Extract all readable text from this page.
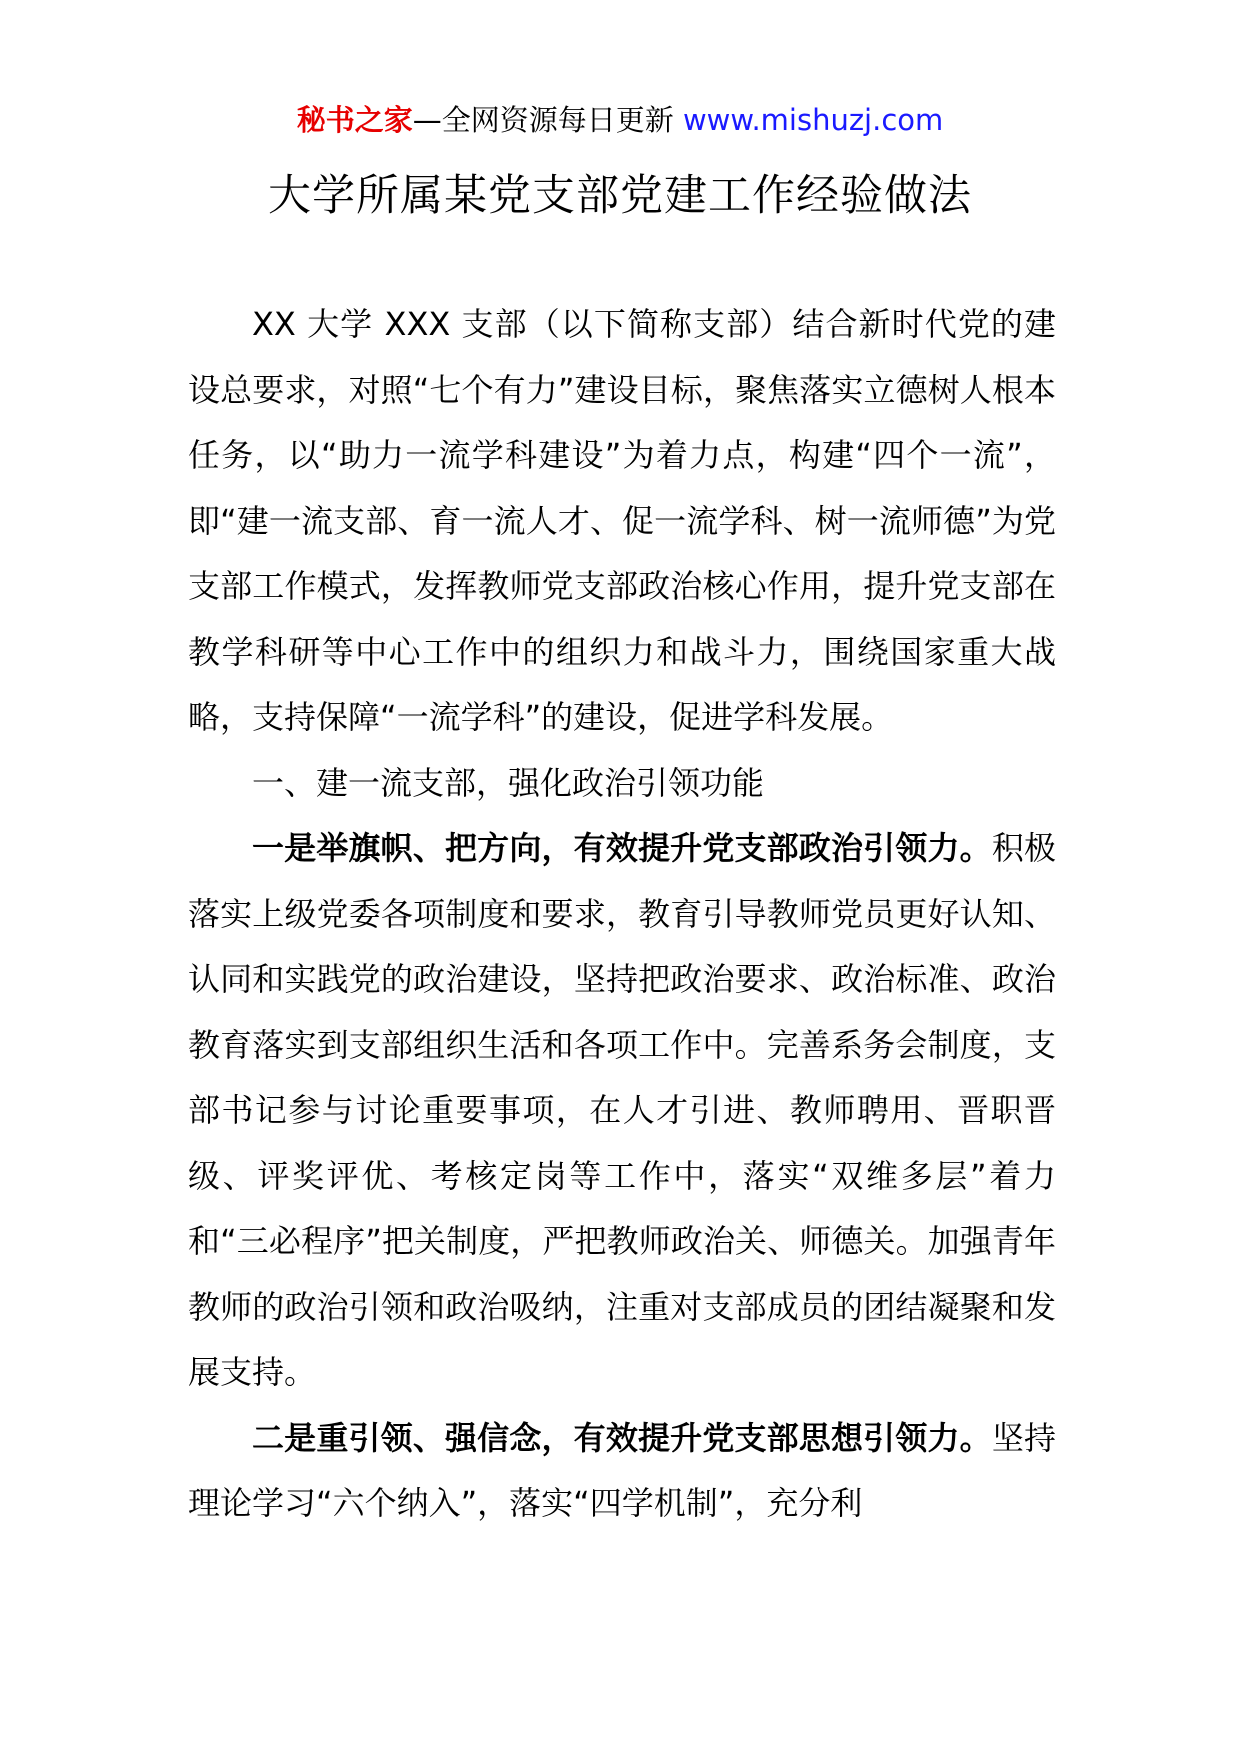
秘书之家—全网资源每日更新 www.mishuzj.com
大学所属某党支部党建工作经验做法

XX 大学 XXX 支部（以下简称支部）结合新时代党的建设总要求，对照“七个有力”建设目标，聚焦落实立德树人根本任务，以“助力一流学科建设”为着力点，构建“四个一流”，即“建一流支部、育一流人才、促一流学科、树一流师德”为党支部工作模式，发挥教师党支部政治核心作用，提升党支部在教学科研等中心工作中的组织力和战斗力，围绕国家重大战略，支持保障“一流学科”的建设，促进学科发展。

一、建一流支部，强化政治引领功能

一是举旗帜、把方向，有效提升党支部政治引领力。积极落实上级党委各项制度和要求，教育引导教师党员更好认知、认同和实践党的政治建设，坚持把政治要求、政治标准、政治教育落实到支部组织生活和各项工作中。完善系务会制度，支部书记参与讨论重要事项，在人才引进、教师聘用、晋职晋级、评奖评优、考核定岗等工作中，落实“双维多层”着力和“三必程序”把关制度，严把教师政治关、师德关。加强青年教师的政治引领和政治吸纳，注重对支部成员的团结凝聚和发展支持。

二是重引领、强信念，有效提升党支部思想引领力。坚持理论学习“六个纳入”，落实“四学机制”，充分利
